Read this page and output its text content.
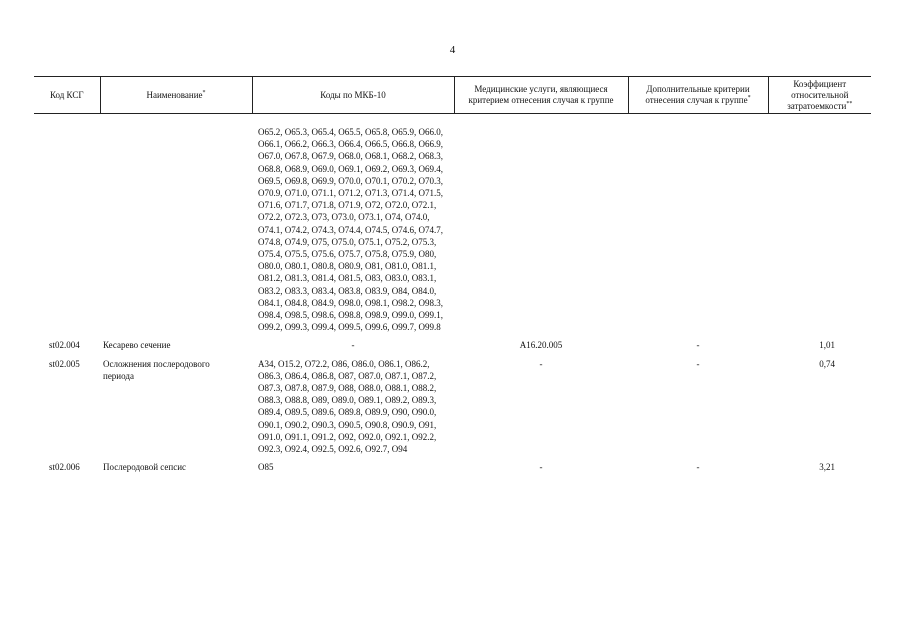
4
Код КСГ	Наименование*	Коды по МКБ-10	Медицинские услуги, являющиеся критерием отнесения случая к группе	Дополнительные критерии отнесения случая к группе*	Коэффициент относительной затратоемкости**
		O65.2, O65.3, O65.4, O65.5, O65.8, O65.9, O66.0, O66.1, O66.2, O66.3, O66.4, O66.5, O66.8, O66.9, O67.0, O67.8, O67.9, O68.0, O68.1, O68.2, O68.3, O68.8, O68.9, O69.0, O69.1, O69.2, O69.3, O69.4, O69.5, O69.8, O69.9, O70.0, O70.1, O70.2, O70.3, O70.9, O71.0, O71.1, O71.2, O71.3, O71.4, O71.5, O71.6, O71.7, O71.8, O71.9, O72, O72.0, O72.1, O72.2, O72.3, O73, O73.0, O73.1, O74, O74.0, O74.1, O74.2, O74.3, O74.4, O74.5, O74.6, O74.7, O74.8, O74.9, O75, O75.0, O75.1, O75.2, O75.3, O75.4, O75.5, O75.6, O75.7, O75.8, O75.9, O80, O80.0, O80.1, O80.8, O80.9, O81, O81.0, O81.1, O81.2, O81.3, O81.4, O81.5, O83, O83.0, O83.1, O83.2, O83.3, O83.4, O83.8, O83.9, O84, O84.0, O84.1, O84.8, O84.9, O98.0, O98.1, O98.2, O98.3, O98.4, O98.5, O98.6, O98.8, O98.9, O99.0, O99.1, O99.2, O99.3, O99.4, O99.5, O99.6, O99.7, O99.8			
st02.004	Кесарево сечение	-	A16.20.005	-	1,01
st02.005	Осложнения послеродового периода	A34, O15.2, O72.2, O86, O86.0, O86.1, O86.2, O86.3, O86.4, O86.8, O87, O87.0, O87.1, O87.2, O87.3, O87.8, O87.9, O88, O88.0, O88.1, O88.2, O88.3, O88.8, O89, O89.0, O89.1, O89.2, O89.3, O89.4, O89.5, O89.6, O89.8, O89.9, O90, O90.0, O90.1, O90.2, O90.3, O90.5, O90.8, O90.9, O91, O91.0, O91.1, O91.2, O92, O92.0, O92.1, O92.2, O92.3, O92.4, O92.5, O92.6, O92.7, O94	-	-	0,74
st02.006	Послеродовой сепсис	O85	-	-	3,21
